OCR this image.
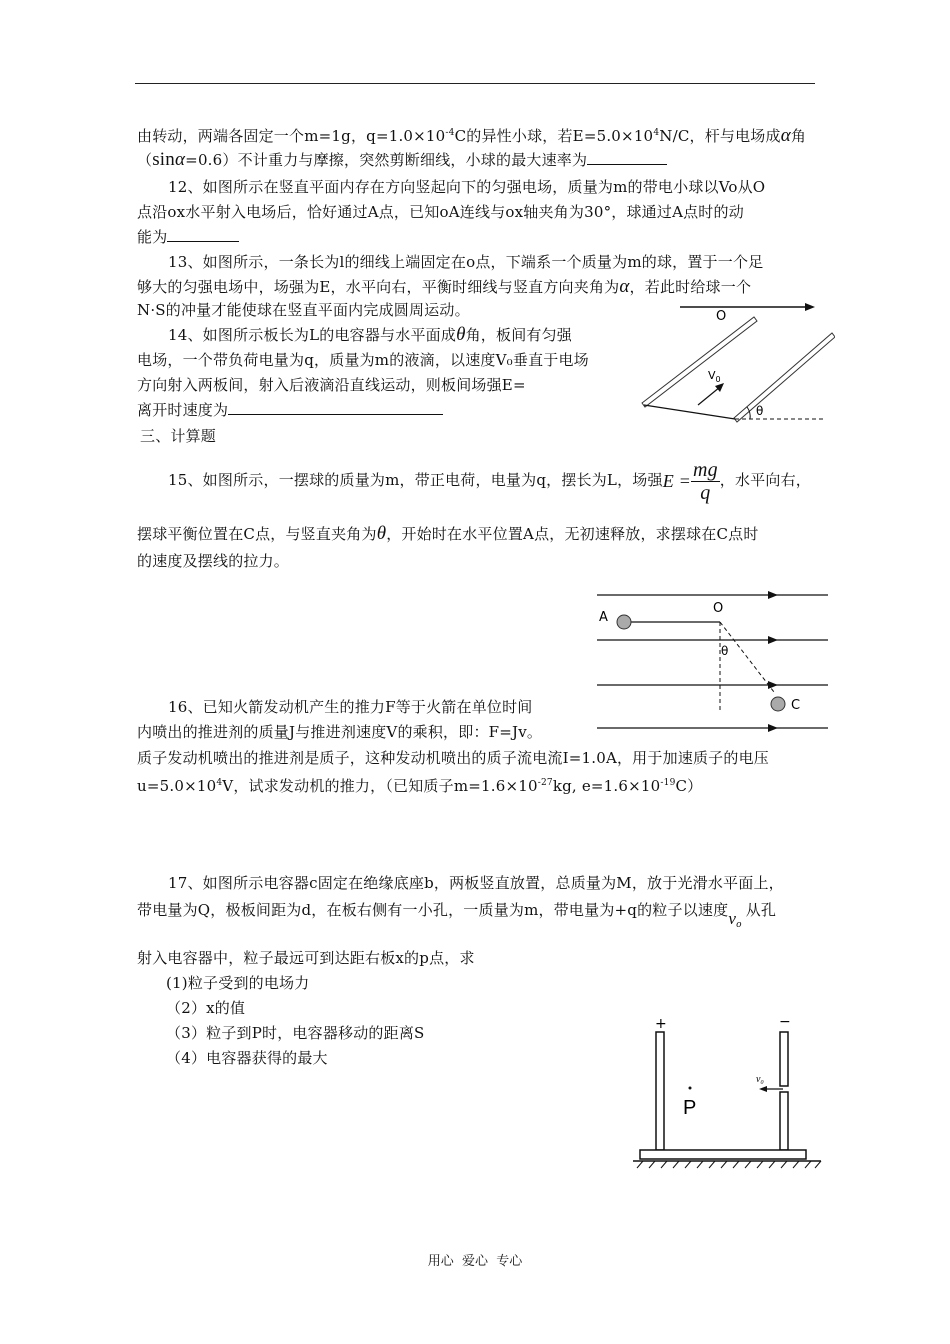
由转动，两端各固定一个m=1g，$q=1.0\times 10^{-4}C$的异性小球，若$E=5.0\times 10^4N/C$，杆与电场成α角
（sinα=0.6）不计重力与摩擦，突然剪断细线，小球的最大速率为
12、如图所示在竖直平面内存在方向竖起向下的匀强电场，质量为m的带电小球以Vo从O
点沿ox水平射入电场后，恰好通过A点，已知oA连线与ox轴夹角为30°，球通过A点时的动
能为
13、如图所示，一条长为l的细线上端固定在o点，下端系一个质量为m的球，置于一个足
够大的匀强电场中，场强为E，水平向右，平衡时细线与竖直方向夹角为α，若此时给球一个
N·S的冲量才能使球在竖直平面内完成圆周运动。
14、如图所示板长为L的电容器与水平面成θ角，板间有匀强
电场，一个带负荷电量为q，质量为m的液滴，以速度V₀垂直于电场
方向射入两板间，射入后液滴沿直线运动，则板间场强E=
离开时速度为
O
$V_0$
θ
三、计算题
15、如图所示，一摆球的质量为m，带正电荷，电量为q，摆长为L，场强$E = \frac{mg}{q}$ ，水平向右，
摆球平衡位置在C点，与竖直夹角为θ，开始时在水平位置A点，无初速释放，求摆球在C点时
的速度及摆线的拉力。
A
O
θ
C
16、已知火箭发动机产生的推力F等于火箭在单位时间
内喷出的推进剂的质量J与推进剂速度V的乘积，即：F=Jv。
质子发动机喷出的推进剂是质子，这种发动机喷出的质子流电流I=1.0A，用于加速质子的电压
$u=5.0\times 10^4V$，试求发动机的推力，（已知质子$m=1.6\times 10^{-27}kg$, $e=1.6\times 10^{-19}C$）
17、如图所示电容器c固定在绝缘底座b，两板竖直放置，总质量为M，放于光滑水平面上，
带电量为Q，极板间距为d，在板右侧有一小孔，一质量为m，带电量为+q的粒子以速度$v_o$从孔
射入电容器中，粒子最远可到达距右板x的p点，求
(1)粒子受到的电场力
（2）x的值
（3）粒子到P时，电容器移动的距离S
（4）电容器获得的最大
+	−
P
$v_0$
用心  爱心  专心
